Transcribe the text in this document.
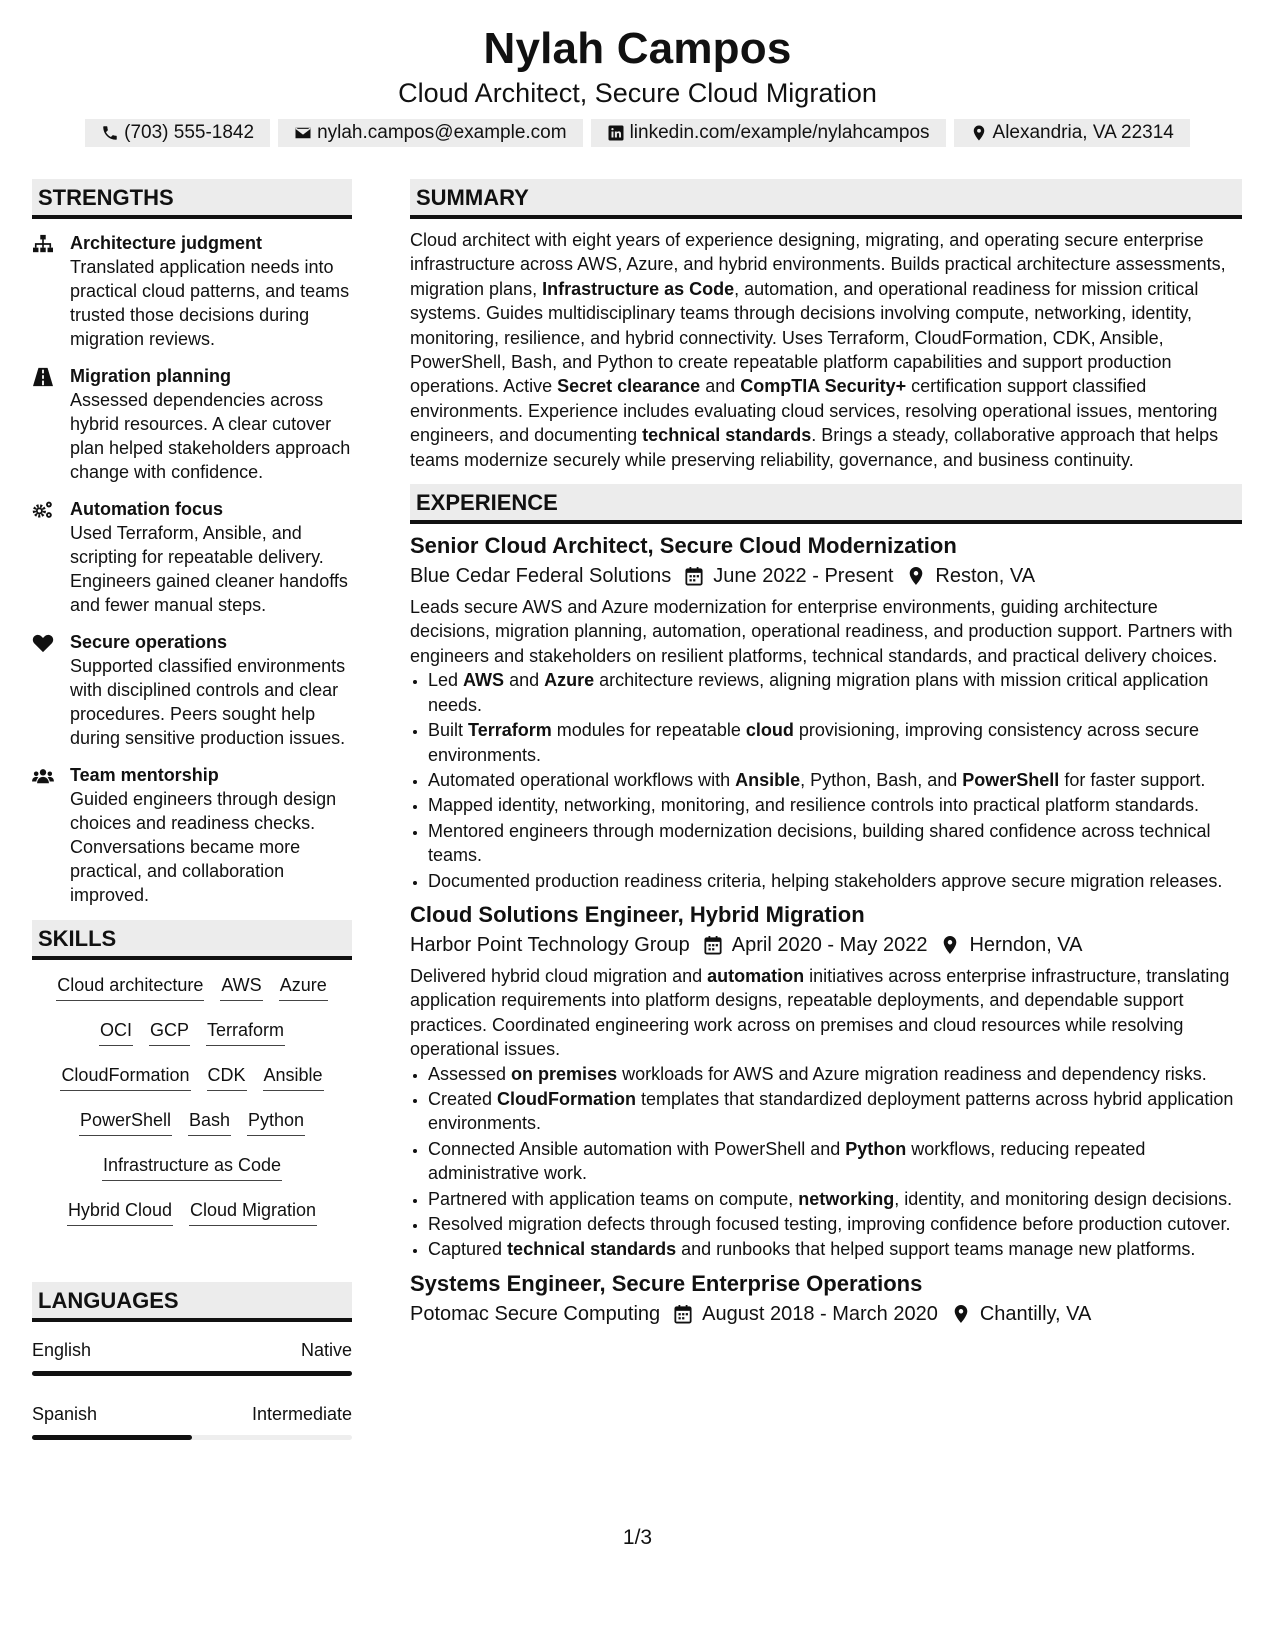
Nylah Campos
Cloud Architect, Secure Cloud Migration
(703) 555-1842	nylah.campos@example.com	linkedin.com/example/nylahcampos	Alexandria, VA 22314
STRENGTHS
Architecture judgment
Translated application needs into practical cloud patterns, and teams trusted those decisions during migration reviews.
Migration planning
Assessed dependencies across hybrid resources. A clear cutover plan helped stakeholders approach change with confidence.
Automation focus
Used Terraform, Ansible, and scripting for repeatable delivery. Engineers gained cleaner handoffs and fewer manual steps.
Secure operations
Supported classified environments with disciplined controls and clear procedures. Peers sought help during sensitive production issues.
Team mentorship
Guided engineers through design choices and readiness checks. Conversations became more practical, and collaboration improved.
SKILLS
Cloud architecture AWS Azure
OCI GCP Terraform
CloudFormation CDK Ansible
PowerShell Bash Python
Infrastructure as Code
Hybrid Cloud Cloud Migration
LANGUAGES
English	Native
Spanish	Intermediate
SUMMARY
Cloud architect with eight years of experience designing, migrating, and operating secure enterprise infrastructure across AWS, Azure, and hybrid environments. Builds practical architecture assessments, migration plans, Infrastructure as Code, automation, and operational readiness for mission critical systems. Guides multidisciplinary teams through decisions involving compute, networking, identity, monitoring, resilience, and hybrid connectivity. Uses Terraform, CloudFormation, CDK, Ansible, PowerShell, Bash, and Python to create repeatable platform capabilities and support production operations. Active Secret clearance and CompTIA Security+ certification support classified environments. Experience includes evaluating cloud services, resolving operational issues, mentoring engineers, and documenting technical standards. Brings a steady, collaborative approach that helps teams modernize securely while preserving reliability, governance, and business continuity.
EXPERIENCE
Senior Cloud Architect, Secure Cloud Modernization
Blue Cedar Federal Solutions June 2022 - Present Reston, VA
Leads secure AWS and Azure modernization for enterprise environments, guiding architecture decisions, migration planning, automation, operational readiness, and production support. Partners with engineers and stakeholders on resilient platforms, technical standards, and practical delivery choices.
• Led AWS and Azure architecture reviews, aligning migration plans with mission critical application needs.
• Built Terraform modules for repeatable cloud provisioning, improving consistency across secure environments.
• Automated operational workflows with Ansible, Python, Bash, and PowerShell for faster support.
• Mapped identity, networking, monitoring, and resilience controls into practical platform standards.
• Mentored engineers through modernization decisions, building shared confidence across technical teams.
• Documented production readiness criteria, helping stakeholders approve secure migration releases.
Cloud Solutions Engineer, Hybrid Migration
Harbor Point Technology Group April 2020 - May 2022 Herndon, VA
Delivered hybrid cloud migration and automation initiatives across enterprise infrastructure, translating application requirements into platform designs, repeatable deployments, and dependable support practices. Coordinated engineering work across on premises and cloud resources while resolving operational issues.
• Assessed on premises workloads for AWS and Azure migration readiness and dependency risks.
• Created CloudFormation templates that standardized deployment patterns across hybrid application environments.
• Connected Ansible automation with PowerShell and Python workflows, reducing repeated administrative work.
• Partnered with application teams on compute, networking, identity, and monitoring design decisions.
• Resolved migration defects through focused testing, improving confidence before production cutover.
• Captured technical standards and runbooks that helped support teams manage new platforms.
Systems Engineer, Secure Enterprise Operations
Potomac Secure Computing August 2018 - March 2020 Chantilly, VA
1/3
